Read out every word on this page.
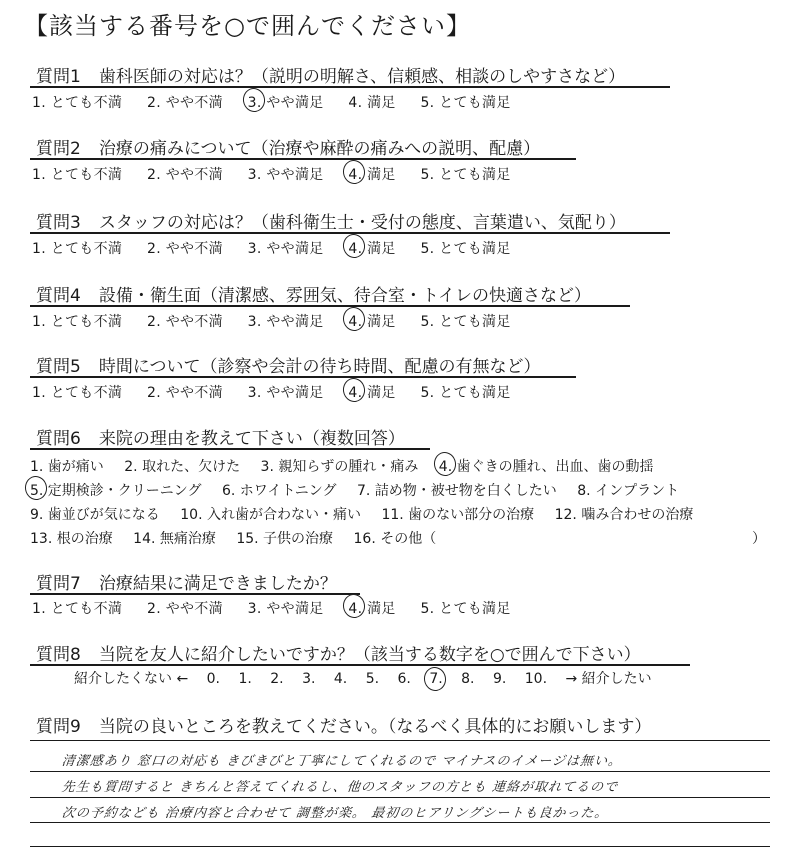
【該当する番号を○で囲んでください】
質問1 歯科医師の対応は？（説明の明解さ、信頼感、相談のしやすさなど）
1. とても不満 2. やや不満 3. やや満足 4. 満足 5. とても満足
質問2 治療の痛みについて（治療や麻酔の痛みへの説明、配慮）
1. とても不満 2. やや不満 3. やや満足 4. 満足 5. とても満足
質問3 スタッフの対応は？（歯科衛生士・受付の態度、言葉遣い、気配り）
1. とても不満 2. やや不満 3. やや満足 4. 満足 5. とても満足
質問4 設備・衛生面（清潔感、雰囲気、待合室・トイレの快適さなど）
1. とても不満 2. やや不満 3. やや満足 4. 満足 5. とても満足
質問5 時間について（診察や会計の待ち時間、配慮の有無など）
1. とても不満 2. やや不満 3. やや満足 4. 満足 5. とても満足
質問6 来院の理由を教えて下さい（複数回答）
1. 歯が痛い 2. 取れた、欠けた 3. 親知らずの腫れ・痛み 4. 歯ぐきの腫れ、出血、歯の動揺
5. 定期検診・クリーニング 6. ホワイトニング 7. 詰め物・被せ物を白くしたい 8. インプラント
9. 歯並びが気になる 10. 入れ歯が合わない・痛い 11. 歯のない部分の治療 12. 噛み合わせの治療
13. 根の治療 14. 無痛治療 15. 子供の治療 16. その他（	）
質問7 治療結果に満足できましたか？
1. とても不満 2. やや不満 3. やや満足 4. 満足 5. とても満足
質問8 当院を友人に紹介したいですか？（該当する数字を○で囲んで下さい）
紹介したくない ← 0. 1. 2. 3. 4. 5. 6. 7. 8. 9. 10. → 紹介したい
質問9 当院の良いところを教えてください。（なるべく具体的にお願いします）
清潔感あり 窓口の対応も きびきびと丁寧にしてくれるので マイナスのイメージは無い。
先生も質問すると きちんと答えてくれるし、他のスタッフの方とも 連絡が取れてるので
次の予約なども 治療内容と合わせて 調整が楽。 最初のヒアリングシートも良かった。
